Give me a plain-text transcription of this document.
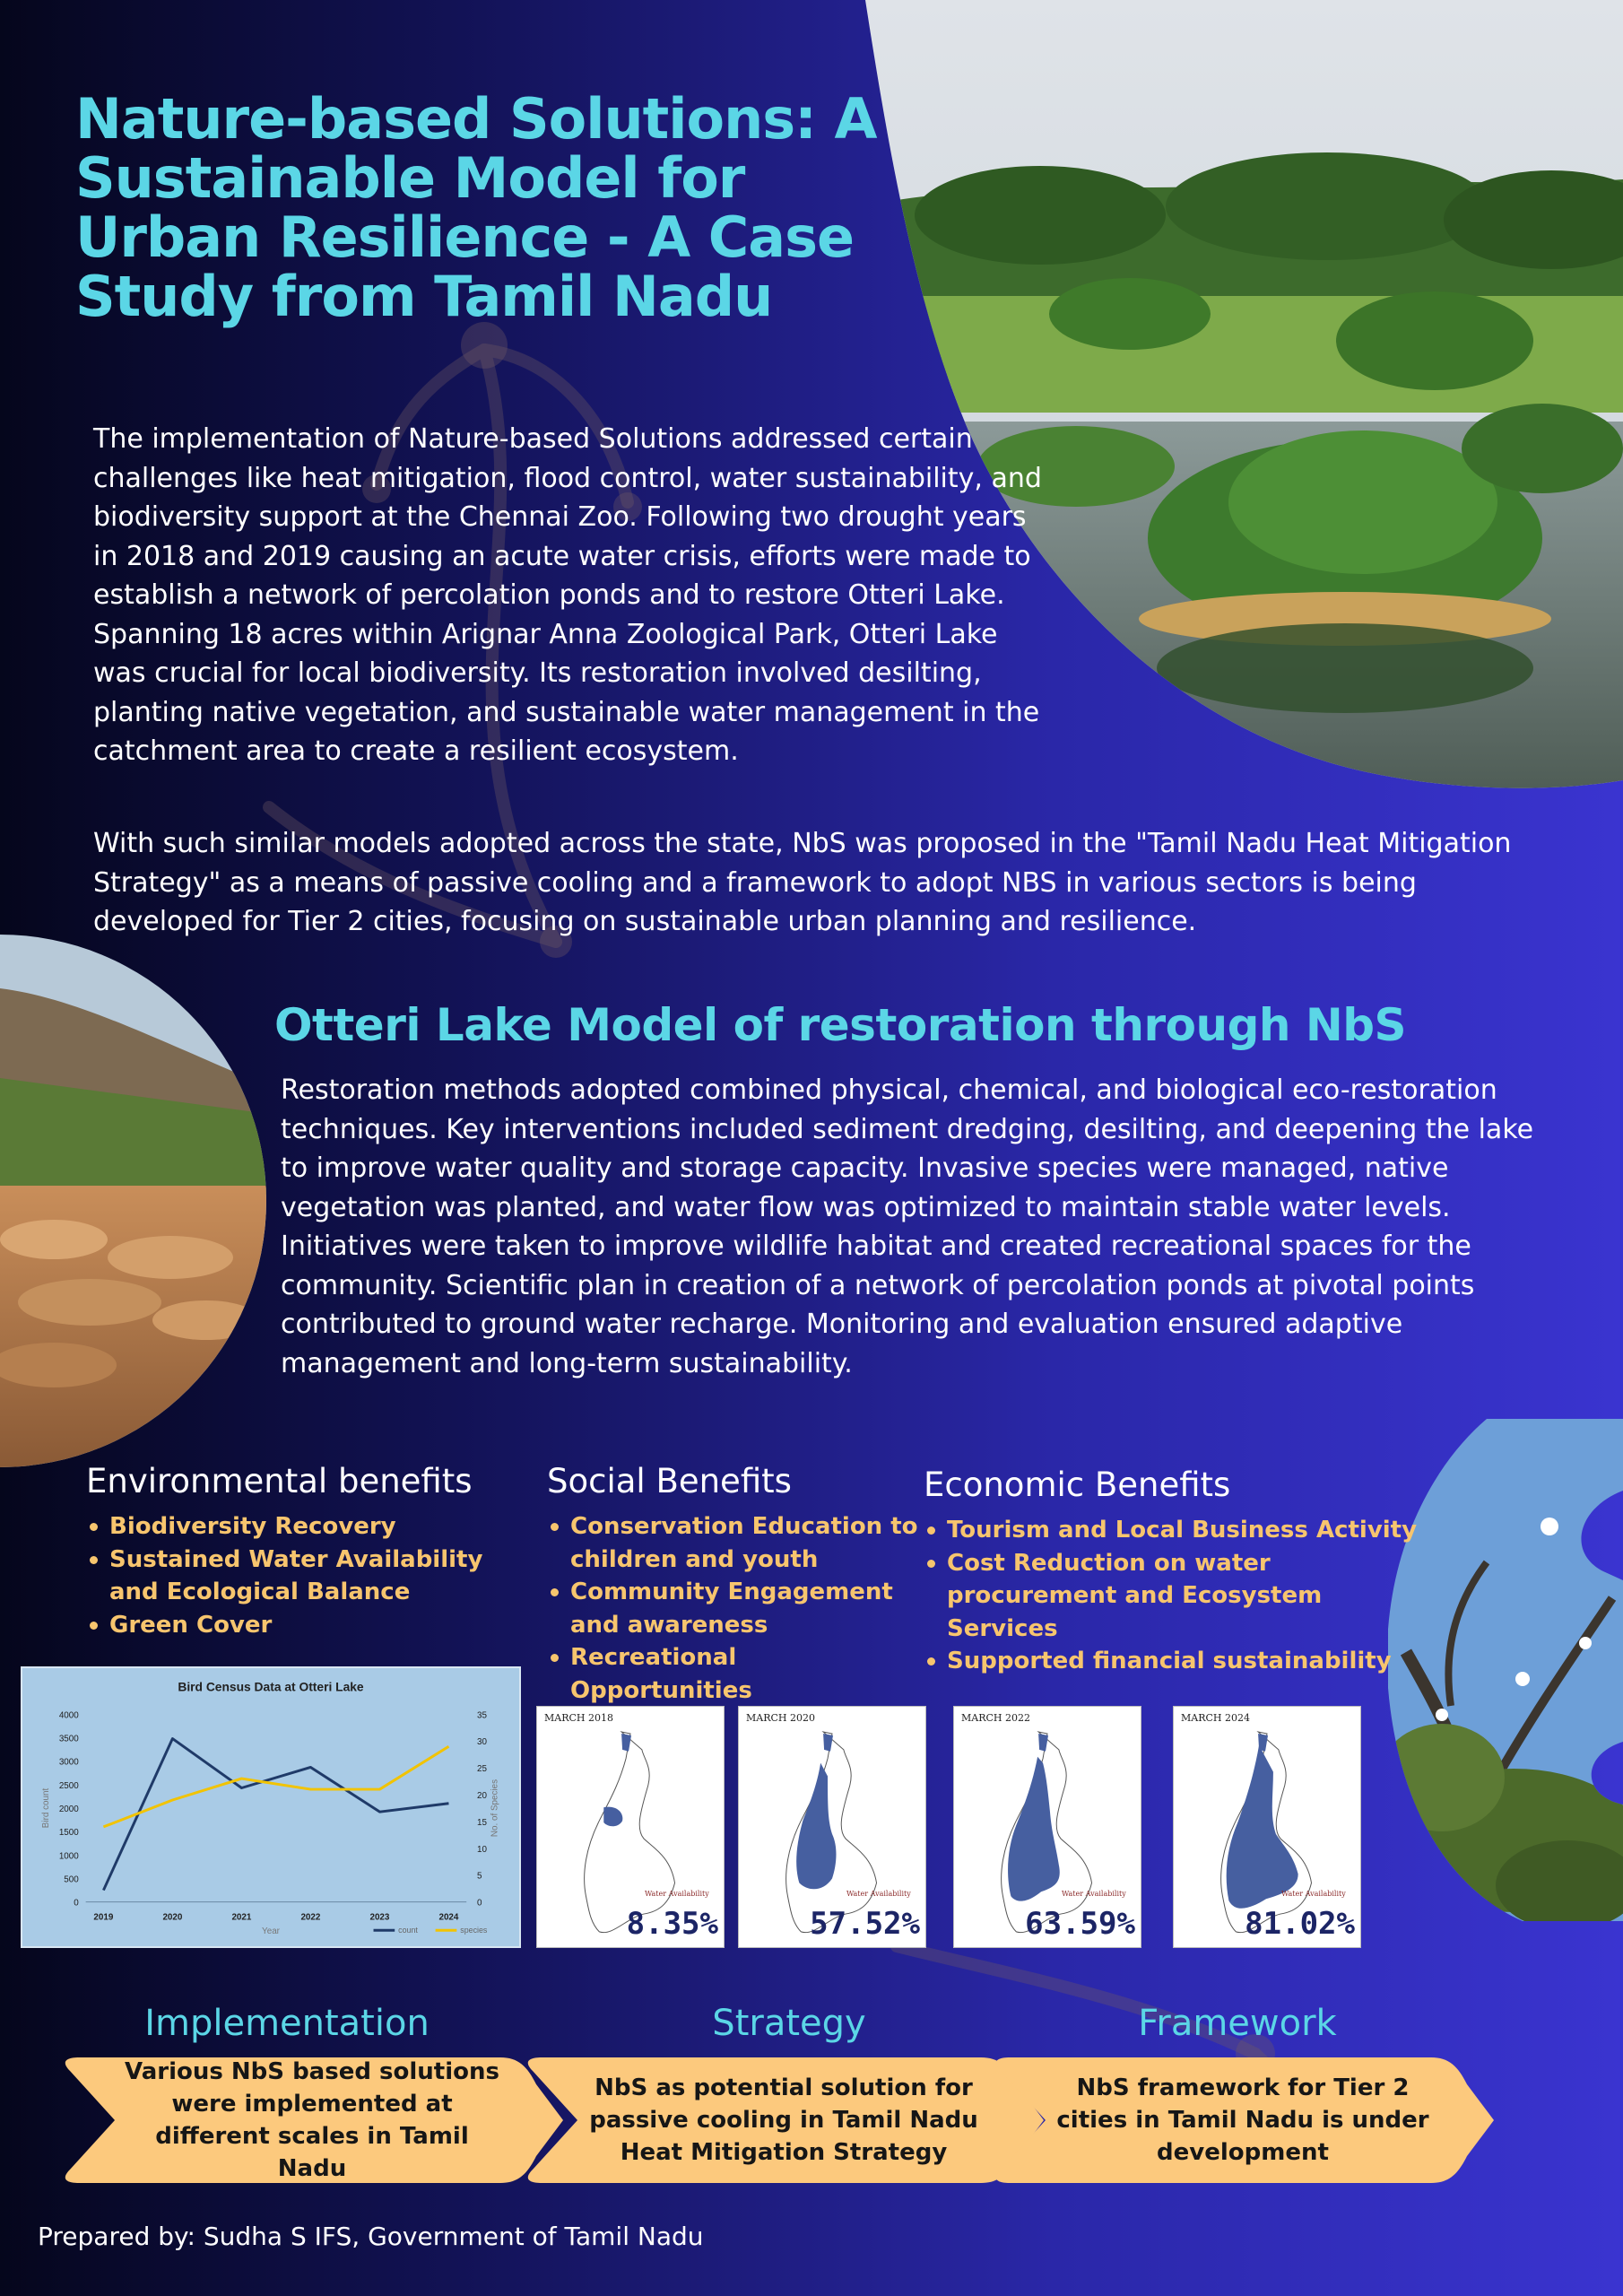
Nature-based Solutions: A Sustainable Model for Urban Resilience - A Case Study from Tamil Nadu

The implementation of Nature-based Solutions addressed certain challenges like heat mitigation, flood control, water sustainability, and biodiversity support at the Chennai Zoo. Following two drought years in 2018 and 2019 causing an acute water crisis, efforts were made to establish a network of percolation ponds and to restore Otteri Lake. Spanning 18 acres within Arignar Anna Zoological Park, Otteri Lake was crucial for local biodiversity. Its restoration involved desilting, planting native vegetation, and sustainable water management in the catchment area to create a resilient ecosystem.

With such similar models adopted across the state, NbS was proposed in the "Tamil Nadu Heat Mitigation Strategy" as a means of passive cooling and a framework to adopt NBS in various sectors is being developed for Tier 2 cities, focusing on sustainable urban planning and resilience.

Otteri Lake Model of restoration through NbS

Restoration methods adopted combined physical, chemical, and biological eco-restoration techniques. Key interventions included sediment dredging, desilting, and deepening the lake to improve water quality and storage capacity. Invasive species were managed, native vegetation was planted, and water flow was optimized to maintain stable water levels. Initiatives were taken to improve wildlife habitat and created recreational spaces for the community. Scientific plan in creation of a network of percolation ponds at pivotal points contributed to ground water recharge. Monitoring and evaluation ensured adaptive management and long-term sustainability.

Environmental benefits
Biodiversity Recovery
Sustained Water Availability and Ecological Balance
Green Cover
Social Benefits
Conservation Education to children and youth
Community Engagement and awareness
Recreational Opportunities
Economic Benefits
Tourism and Local Business Activity
Cost Reduction on water procurement and Ecosystem Services
Supported financial sustainability
Bird Census Data at Otteri Lake
0
500
1000
1500
2000
2500
3000
3500
4000
0
5
10
15
20
25
30
35
2019	2020	2021	2022	2023	2024
Year
Bird count	No. of Species
count	species
MARCH 2018
Water Availability
8.35%
MARCH 2020
Water Availability
57.52%
MARCH 2022
Water Availability
63.59%
MARCH 2024
Water Availability
81.02%
Implementation
Various NbS based solutions were implemented at different scales in Tamil Nadu
Strategy
NbS as potential solution for passive cooling in Tamil Nadu Heat Mitigation Strategy
Framework
NbS framework for Tier 2 cities in Tamil Nadu is under development

Prepared by: Sudha S IFS, Government of Tamil Nadu
